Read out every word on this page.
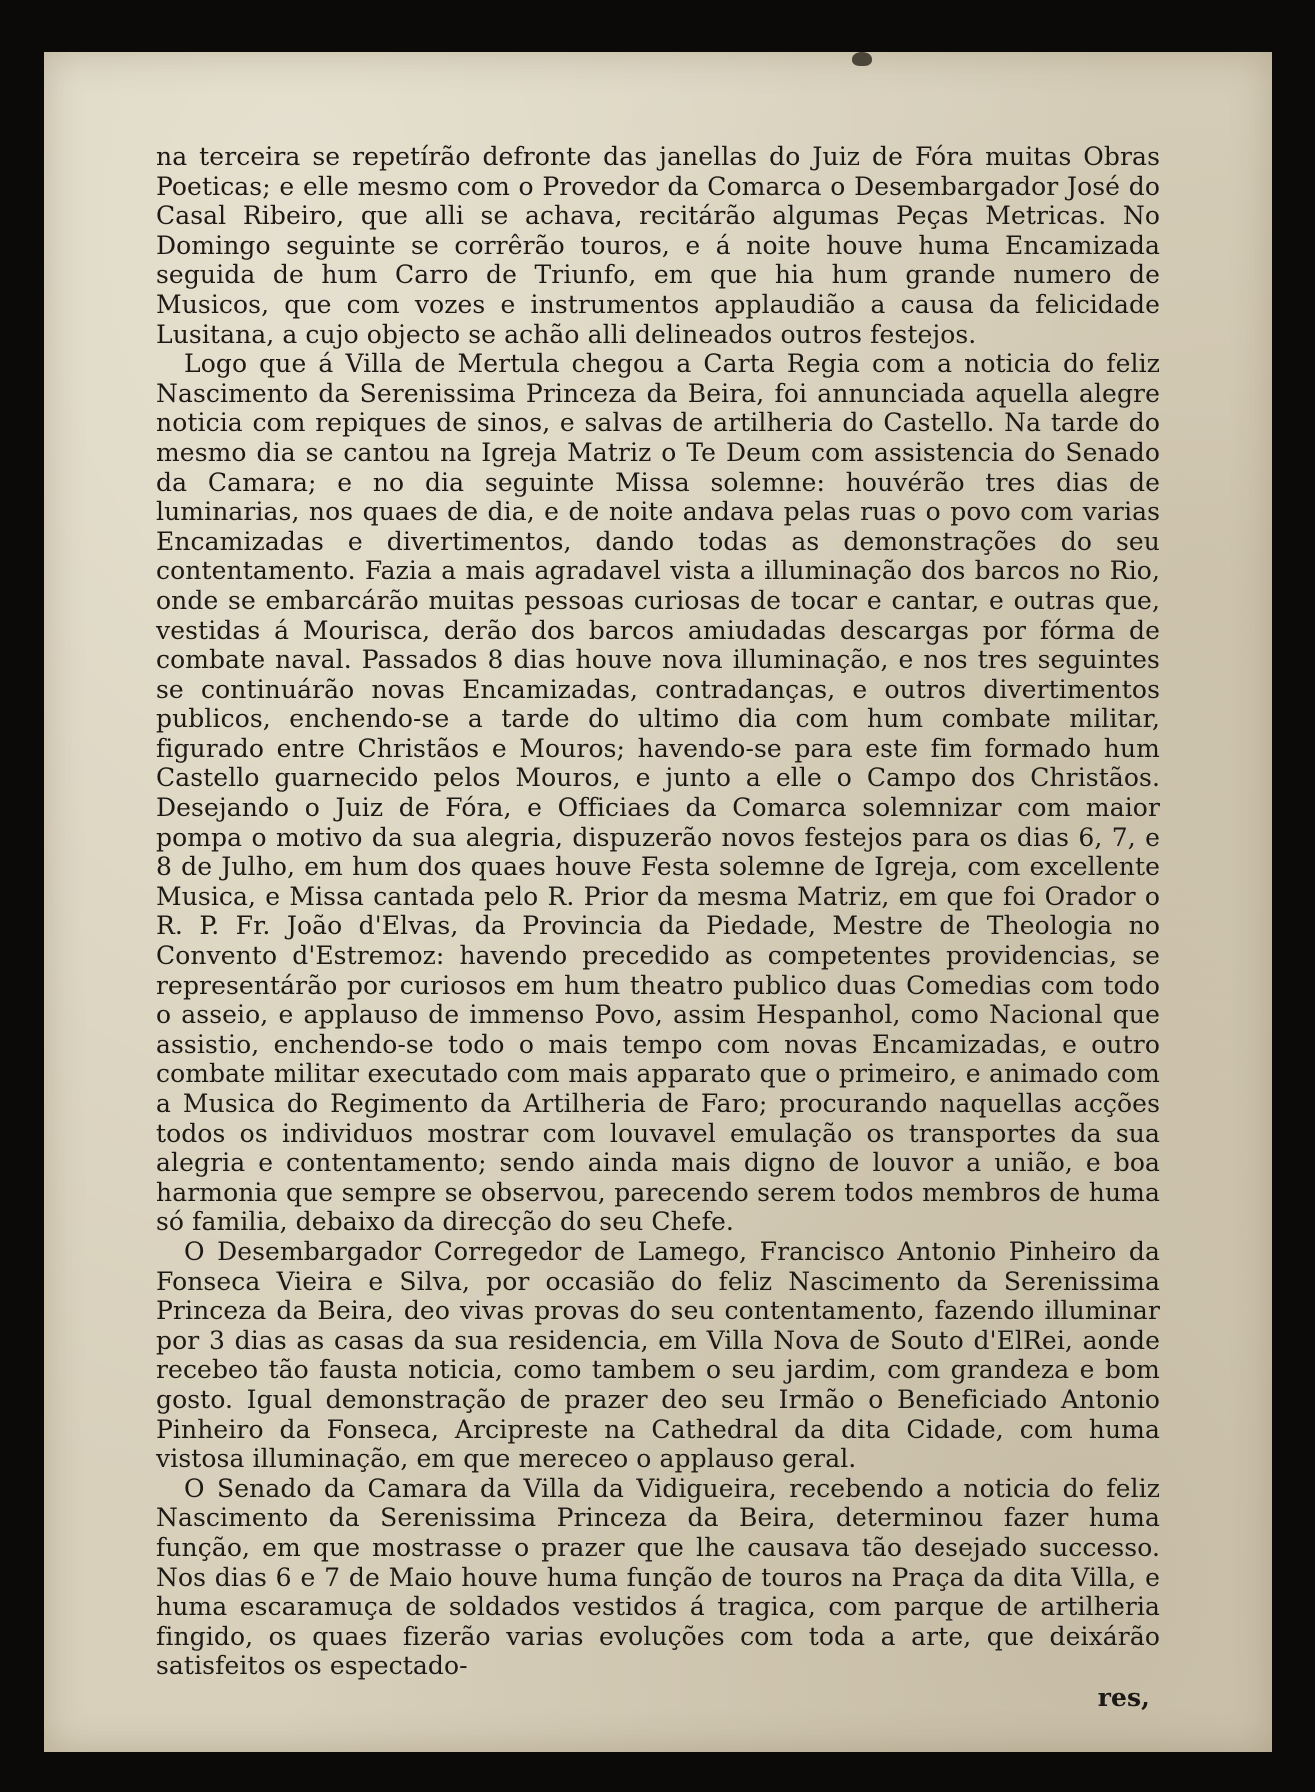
na terceira se repetírão defronte das janellas do Juiz de Fóra muitas Obras Poeticas; e elle mesmo com o Provedor da Comarca o Desembargador José do Casal Ribeiro, que alli se achava, recitárão algumas Peças Metricas. No Domingo seguinte se corrêrão touros, e á noite houve huma Encamizada seguida de hum Carro de Triunfo, em que hia hum grande numero de Musicos, que com vozes e instrumentos applaudião a causa da felicidade Lusitana, a cujo objecto se achão alli delineados outros festejos.

Logo que á Villa de Mertula chegou a Carta Regia com a noticia do feliz Nascimento da Serenissima Princeza da Beira, foi annunciada aquella alegre noticia com repiques de sinos, e salvas de artilheria do Castello. Na tarde do mesmo dia se cantou na Igreja Matriz o Te Deum com assistencia do Senado da Camara; e no dia seguinte Missa solemne: houvérão tres dias de luminarias, nos quaes de dia, e de noite andava pelas ruas o povo com varias Encamizadas e divertimentos, dando todas as demonstrações do seu contentamento. Fazia a mais agradavel vista a illuminação dos barcos no Rio, onde se embarcárão muitas pessoas curiosas de tocar e cantar, e outras que, vestidas á Mourisca, derão dos barcos amiudadas descargas por fórma de combate naval. Passados 8 dias houve nova illuminação, e nos tres seguintes se continuárão novas Encamizadas, contradanças, e outros divertimentos publicos, enchendo-se a tarde do ultimo dia com hum combate militar, figurado entre Christãos e Mouros; havendo-se para este fim formado hum Castello guarnecido pelos Mouros, e junto a elle o Campo dos Christãos. Desejando o Juiz de Fóra, e Officiaes da Comarca solemnizar com maior pompa o motivo da sua alegria, dispuzerão novos festejos para os dias 6, 7, e 8 de Julho, em hum dos quaes houve Festa solemne de Igreja, com excellente Musica, e Missa cantada pelo R. Prior da mesma Matriz, em que foi Orador o R. P. Fr. João d'Elvas, da Provincia da Piedade, Mestre de Theologia no Convento d'Estremoz: havendo precedido as competentes providencias, se representárão por curiosos em hum theatro publico duas Comedias com todo o asseio, e applauso de immenso Povo, assim Hespanhol, como Nacional que assistio, enchendo-se todo o mais tempo com novas Encamizadas, e outro combate militar executado com mais apparato que o primeiro, e animado com a Musica do Regimento da Artilheria de Faro; procurando naquellas acções todos os individuos mostrar com louvavel emulação os transportes da sua alegria e contentamento; sendo ainda mais digno de louvor a união, e boa harmonia que sempre se observou, parecendo serem todos membros de huma só familia, debaixo da direcção do seu Chefe.

O Desembargador Corregedor de Lamego, Francisco Antonio Pinheiro da Fonseca Vieira e Silva, por occasião do feliz Nascimento da Serenissima Princeza da Beira, deo vivas provas do seu contentamento, fazendo illuminar por 3 dias as casas da sua residencia, em Villa Nova de Souto d'ElRei, aonde recebeo tão fausta noticia, como tambem o seu jardim, com grandeza e bom gosto. Igual demonstração de prazer deo seu Irmão o Beneficiado Antonio Pinheiro da Fonseca, Arcipreste na Cathedral da dita Cidade, com huma vistosa illuminação, em que mereceo o applauso geral.

O Senado da Camara da Villa da Vidigueira, recebendo a noticia do feliz Nascimento da Serenissima Princeza da Beira, determinou fazer huma função, em que mostrasse o prazer que lhe causava tão desejado successo. Nos dias 6 e 7 de Maio houve huma função de touros na Praça da dita Villa, e huma escaramuça de soldados vestidos á tragica, com parque de artilheria fingido, os quaes fizerão varias evoluções com toda a arte, que deixárão satisfeitos os espectado-

res,
